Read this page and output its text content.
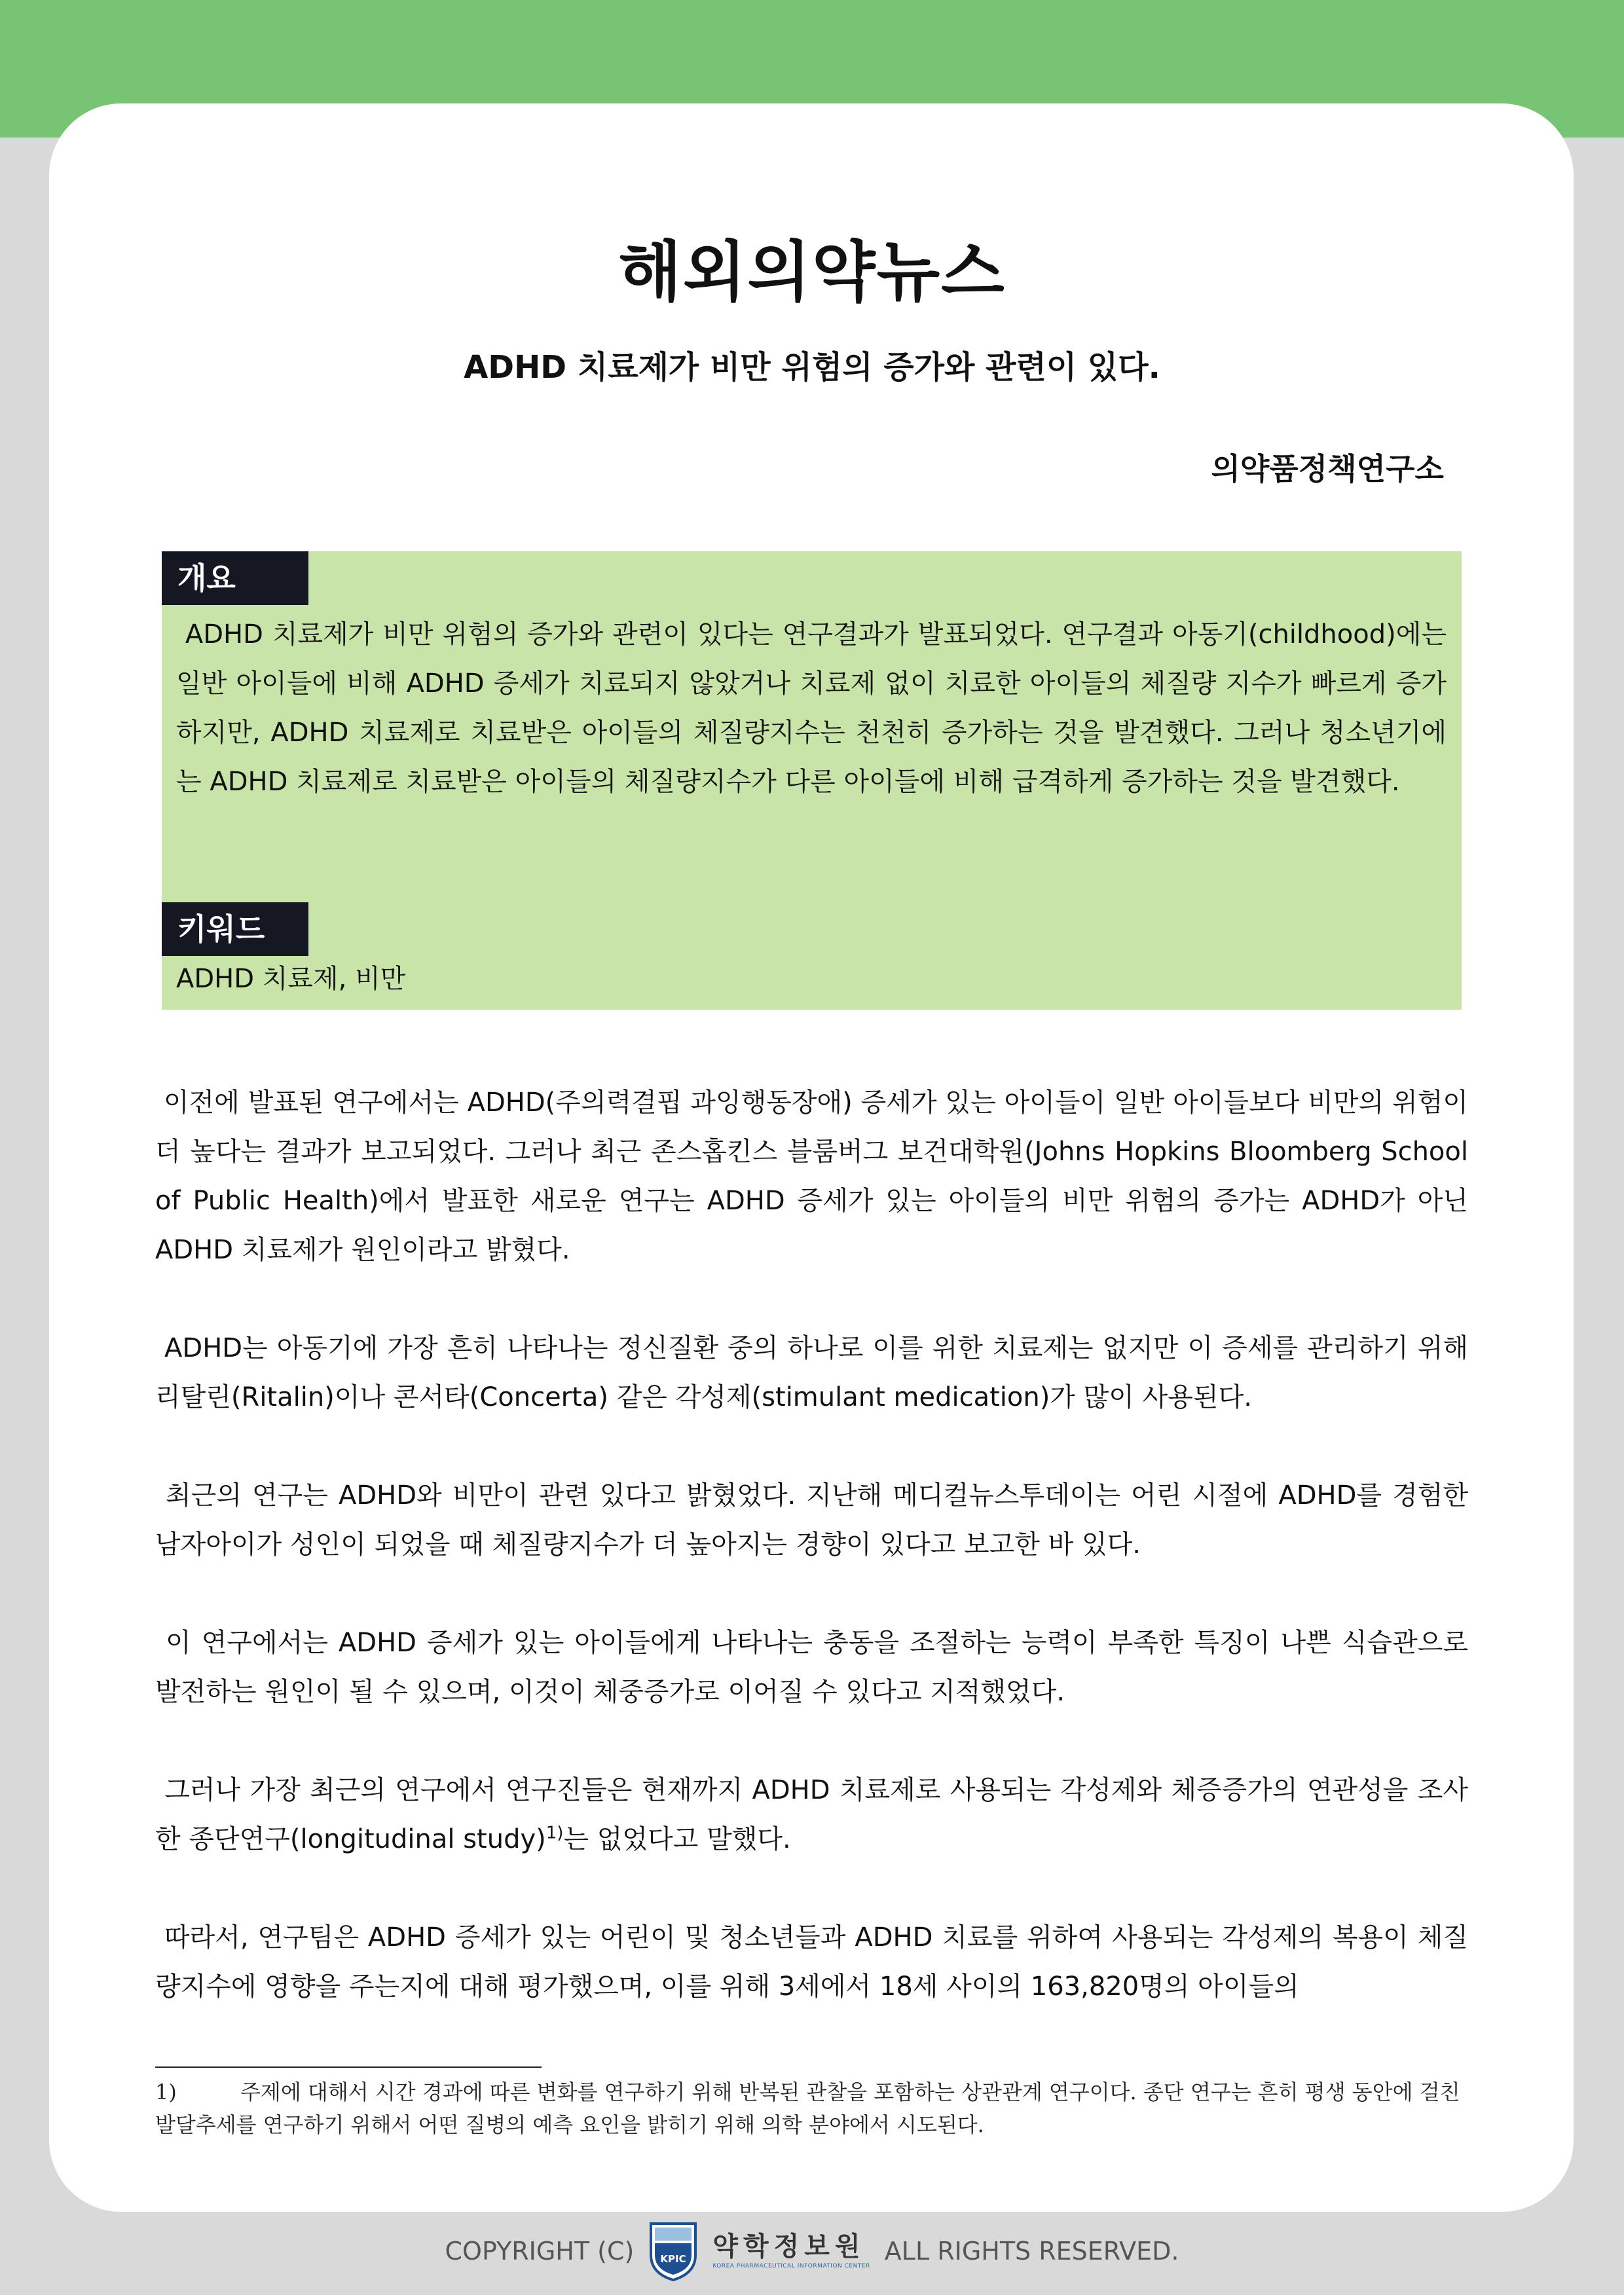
해외의약뉴스
ADHD 치료제가 비만 위험의 증가와 관련이 있다.
의약품정책연구소
개요

ADHD 치료제가 비만 위험의 증가와 관련이 있다는 연구결과가 발표되었다. 연구결과 아동기(childhood)에는 일반 아이들에 비해 ADHD 증세가 치료되지 않았거나 치료제 없이 치료한 아이들의 체질량 지수가 빠르게 증가하지만, ADHD 치료제로 치료받은 아이들의 체질량지수는 천천히 증가하는 것을 발견했다. 그러나 청소년기에는 ADHD 치료제로 치료받은 아이들의 체질량지수가 다른 아이들에 비해 급격하게 증가하는 것을 발견했다.

키워드

ADHD 치료제, 비만

이전에 발표된 연구에서는 ADHD(주의력결핍 과잉행동장애) 증세가 있는 아이들이 일반 아이들보다 비만의 위험이 더 높다는 결과가 보고되었다. 그러나 최근 존스홉킨스 블룸버그 보건대학원(Johns Hopkins Bloomberg School of Public Health)에서 발표한 새로운 연구는 ADHD 증세가 있는 아이들의 비만 위험의 증가는 ADHD가 아닌 ADHD 치료제가 원인이라고 밝혔다.

ADHD는 아동기에 가장 흔히 나타나는 정신질환 중의 하나로 이를 위한 치료제는 없지만 이 증세를 관리하기 위해 리탈린(Ritalin)이나 콘서타(Concerta) 같은 각성제(stimulant medication)가 많이 사용된다.

최근의 연구는 ADHD와 비만이 관련 있다고 밝혔었다. 지난해 메디컬뉴스투데이는 어린 시절에 ADHD를 경험한 남자아이가 성인이 되었을 때 체질량지수가 더 높아지는 경향이 있다고 보고한 바 있다.

이 연구에서는 ADHD 증세가 있는 아이들에게 나타나는 충동을 조절하는 능력이 부족한 특징이 나쁜 식습관으로 발전하는 원인이 될 수 있으며, 이것이 체중증가로 이어질 수 있다고 지적했었다.

그러나 가장 최근의 연구에서 연구진들은 현재까지 ADHD 치료제로 사용되는 각성제와 체증증가의 연관성을 조사한 종단연구(longitudinal study)$^{1)}$는 없었다고 말했다.

따라서, 연구팀은 ADHD 증세가 있는 어린이 및 청소년들과 ADHD 치료를 위하여 사용되는 각성제의 복용이 체질량지수에 영향을 주는지에 대해 평가했으며, 이를 위해 3세에서 18세 사이의 163,820명의 아이들의

1)	주제에 대해서 시간 경과에 따른 변화를 연구하기 위해 반복된 관찰을 포함하는 상관관계 연구이다. 종단 연구는 흔히 평생 동안에 걸친 발달추세를 연구하기 위해서 어떤 질병의 예측 요인을 밝히기 위해 의학 분야에서 시도된다.

COPYRIGHT (C)	KPIC 약학정보원
KOREA PHARMACEUTICAL INFORMATION CENTER
ALL RIGHTS RESERVED.
